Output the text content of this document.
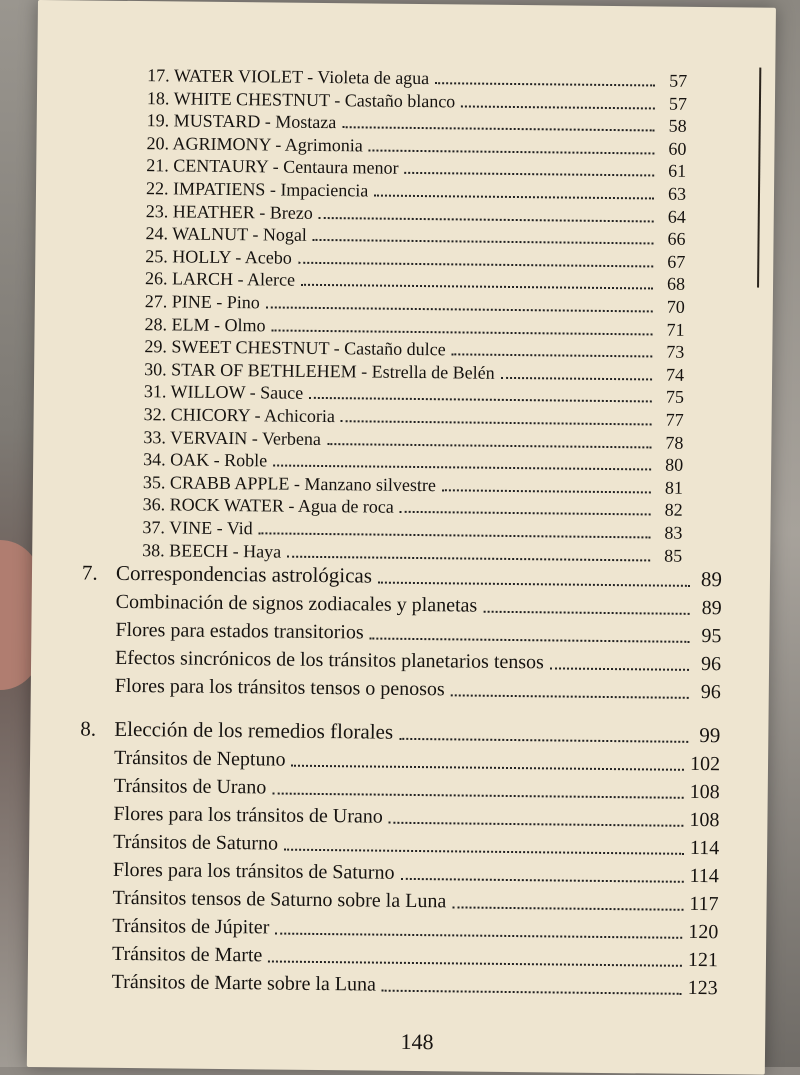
17. WATER VIOLET - Violeta de agua	57
18. WHITE CHESTNUT - Castaño blanco	57
19. MUSTARD - Mostaza	58
20. AGRIMONY - Agrimonia	60
21. CENTAURY - Centaura menor	61
22. IMPATIENS - Impaciencia	63
23. HEATHER - Brezo	64
24. WALNUT - Nogal	66
25. HOLLY - Acebo	67
26. LARCH - Alerce	68
27. PINE - Pino	70
28. ELM - Olmo	71
29. SWEET CHESTNUT - Castaño dulce	73
30. STAR OF BETHLEHEM - Estrella de Belén	74
31. WILLOW - Sauce	75
32. CHICORY - Achicoria	77
33. VERVAIN - Verbena	78
34. OAK - Roble	80
35. CRABB APPLE - Manzano silvestre	81
36. ROCK WATER - Agua de roca	82
37. VINE - Vid	83
38. BEECH - Haya	85
7. Correspondencias astrológicas	89
Combinación de signos zodiacales y planetas	89
Flores para estados transitorios	95
Efectos sincrónicos de los tránsitos planetarios tensos	96
Flores para los tránsitos tensos o penosos	96
8. Elección de los remedios florales	99
Tránsitos de Neptuno	102
Tránsitos de Urano	108
Flores para los tránsitos de Urano	108
Tránsitos de Saturno	114
Flores para los tránsitos de Saturno	114
Tránsitos tensos de Saturno sobre la Luna	117
Tránsitos de Júpiter	120
Tránsitos de Marte	121
Tránsitos de Marte sobre la Luna	123
148
